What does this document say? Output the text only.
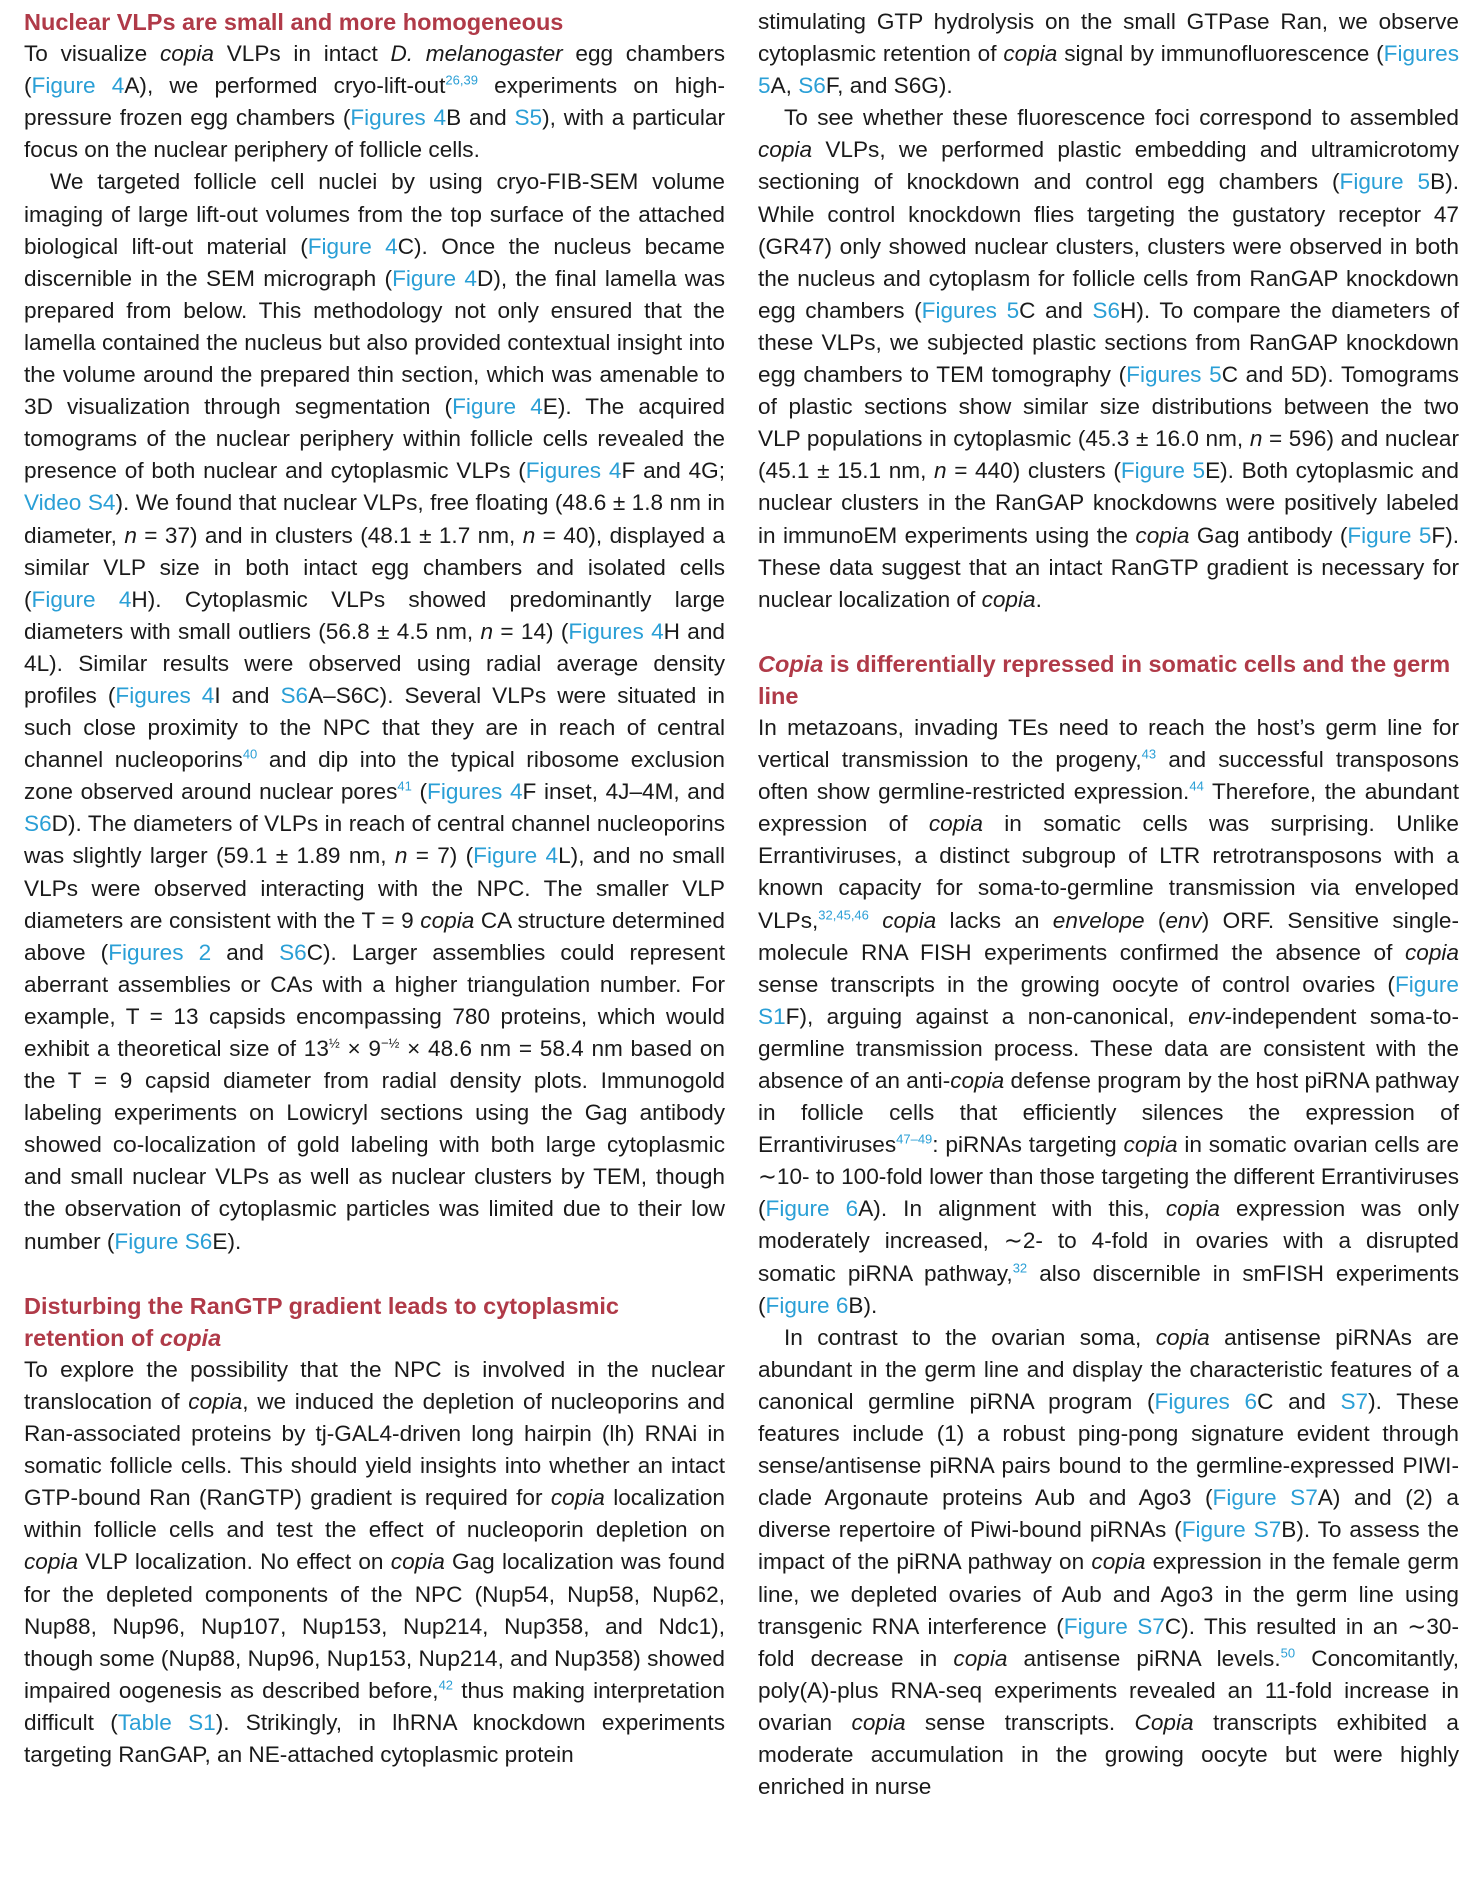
Nuclear VLPs are small and more homogeneous

To visualize copia VLPs in intact D. melanogaster egg chambers (Figure 4A), we performed cryo-lift-out$^{26,39}$ experiments on high-pressure frozen egg chambers (Figures 4B and S5), with a particular focus on the nuclear periphery of follicle cells.

We targeted follicle cell nuclei by using cryo-FIB-SEM volume imaging of large lift-out volumes from the top surface of the attached biological lift-out material (Figure 4C). Once the nucleus became discernible in the SEM micrograph (Figure 4D), the final lamella was prepared from below. This methodology not only ensured that the lamella contained the nucleus but also provided contextual insight into the volume around the prepared thin section, which was amenable to 3D visualization through segmentation (Figure 4E). The acquired tomograms of the nuclear periphery within follicle cells revealed the presence of both nuclear and cytoplasmic VLPs (Figures 4F and 4G; Video S4). We found that nuclear VLPs, free floating (48.6 ± 1.8 nm in diameter, n = 37) and in clusters (48.1 ± 1.7 nm, n = 40), displayed a similar VLP size in both intact egg chambers and isolated cells (Figure 4H). Cytoplasmic VLPs showed predominantly large diameters with small outliers (56.8 ± 4.5 nm, n = 14) (Figures 4H and 4L). Similar results were observed using radial average density profiles (Figures 4I and S6A–S6C). Several VLPs were situated in such close proximity to the NPC that they are in reach of central channel nucleoporins$^{40}$ and dip into the typical ribosome exclusion zone observed around nuclear pores$^{41}$ (Figures 4F inset, 4J–4M, and S6D). The diameters of VLPs in reach of central channel nucleoporins was slightly larger (59.1 ± 1.89 nm, n = 7) (Figure 4L), and no small VLPs were observed interacting with the NPC. The smaller VLP diameters are consistent with the T = 9 copia CA structure determined above (Figures 2 and S6C). Larger assemblies could represent aberrant assemblies or CAs with a higher triangulation number. For example, T = 13 capsids encompassing 780 proteins, which would exhibit a theoretical size of $13^{\frac{1}{2}} \times 9^{-\frac{1}{2}} \times 48.6$ nm = 58.4 nm based on the T = 9 capsid diameter from radial density plots. Immunogold labeling experiments on Lowicryl sections using the Gag antibody showed co-localization of gold labeling with both large cytoplasmic and small nuclear VLPs as well as nuclear clusters by TEM, though the observation of cytoplasmic particles was limited due to their low number (Figure S6E).

Disturbing the RanGTP gradient leads to cytoplasmic retention of copia

To explore the possibility that the NPC is involved in the nuclear translocation of copia, we induced the depletion of nucleoporins and Ran-associated proteins by tj-GAL4-driven long hairpin (lh) RNAi in somatic follicle cells. This should yield insights into whether an intact GTP-bound Ran (RanGTP) gradient is required for copia localization within follicle cells and test the effect of nucleoporin depletion on copia VLP localization. No effect on copia Gag localization was found for the depleted components of the NPC (Nup54, Nup58, Nup62, Nup88, Nup96, Nup107, Nup153, Nup214, Nup358, and Ndc1), though some (Nup88, Nup96, Nup153, Nup214, and Nup358) showed impaired oogenesis as described before,$^{42}$ thus making interpretation difficult (Table S1). Strikingly, in lhRNA knockdown experiments targeting RanGAP, an NE-attached cytoplasmic protein

stimulating GTP hydrolysis on the small GTPase Ran, we observe cytoplasmic retention of copia signal by immunofluorescence (Figures 5A, S6F, and S6G).

To see whether these fluorescence foci correspond to assembled copia VLPs, we performed plastic embedding and ultramicrotomy sectioning of knockdown and control egg chambers (Figure 5B). While control knockdown flies targeting the gustatory receptor 47 (GR47) only showed nuclear clusters, clusters were observed in both the nucleus and cytoplasm for follicle cells from RanGAP knockdown egg chambers (Figures 5C and S6H). To compare the diameters of these VLPs, we subjected plastic sections from RanGAP knockdown egg chambers to TEM tomography (Figures 5C and 5D). Tomograms of plastic sections show similar size distributions between the two VLP populations in cytoplasmic (45.3 ± 16.0 nm, n = 596) and nuclear (45.1 ± 15.1 nm, n = 440) clusters (Figure 5E). Both cytoplasmic and nuclear clusters in the RanGAP knockdowns were positively labeled in immunoEM experiments using the copia Gag antibody (Figure 5F). These data suggest that an intact RanGTP gradient is necessary for nuclear localization of copia.

Copia is differentially repressed in somatic cells and the germ line

In metazoans, invading TEs need to reach the host’s germ line for vertical transmission to the progeny,$^{43}$ and successful transposons often show germline-restricted expression.$^{44}$ Therefore, the abundant expression of copia in somatic cells was surprising. Unlike Errantiviruses, a distinct subgroup of LTR retrotransposons with a known capacity for soma-to-germline transmission via enveloped VLPs,$^{32,45,46}$ copia lacks an envelope (env) ORF. Sensitive single-molecule RNA FISH experiments confirmed the absence of copia sense transcripts in the growing oocyte of control ovaries (Figure S1F), arguing against a non-canonical, env-independent soma-to-germline transmission process. These data are consistent with the absence of an anti-copia defense program by the host piRNA pathway in follicle cells that efficiently silences the expression of Errantiviruses$^{47-49}$: piRNAs targeting copia in somatic ovarian cells are ∼10- to 100-fold lower than those targeting the different Errantiviruses (Figure 6A). In alignment with this, copia expression was only moderately increased, ∼2- to 4-fold in ovaries with a disrupted somatic piRNA pathway,$^{32}$ also discernible in smFISH experiments (Figure 6B).

In contrast to the ovarian soma, copia antisense piRNAs are abundant in the germ line and display the characteristic features of a canonical germline piRNA program (Figures 6C and S7). These features include (1) a robust ping-pong signature evident through sense/antisense piRNA pairs bound to the germline-expressed PIWI-clade Argonaute proteins Aub and Ago3 (Figure S7A) and (2) a diverse repertoire of Piwi-bound piRNAs (Figure S7B). To assess the impact of the piRNA pathway on copia expression in the female germ line, we depleted ovaries of Aub and Ago3 in the germ line using transgenic RNA interference (Figure S7C). This resulted in an ∼30-fold decrease in copia antisense piRNA levels.$^{50}$ Concomitantly, poly(A)-plus RNA-seq experiments revealed an 11-fold increase in ovarian copia sense transcripts. Copia transcripts exhibited a moderate accumulation in the growing oocyte but were highly enriched in nurse
